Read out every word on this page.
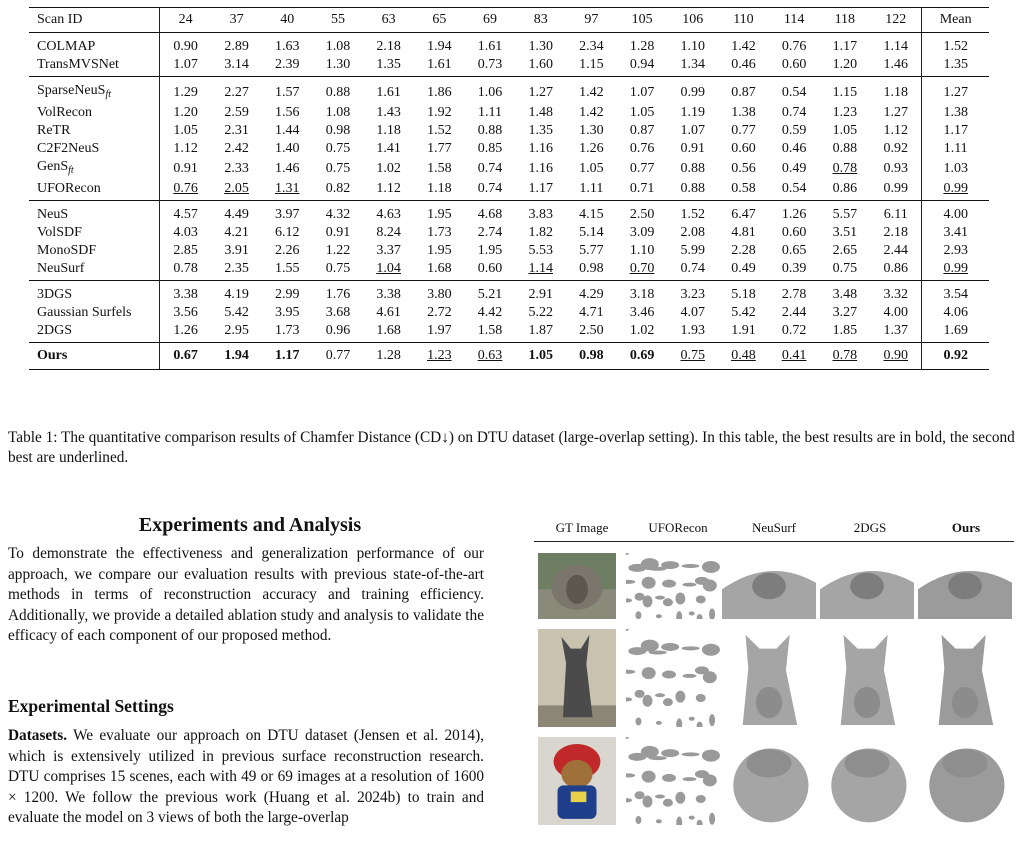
Scan ID	24	37	40	55	63	65	69	83	97	105	106	110	114	118	122	Mean
COLMAP	0.90	2.89	1.63	1.08	2.18	1.94	1.61	1.30	2.34	1.28	1.10	1.42	0.76	1.17	1.14	1.52
TransMVSNet	1.07	3.14	2.39	1.30	1.35	1.61	0.73	1.60	1.15	0.94	1.34	0.46	0.60	1.20	1.46	1.35
SparseNeuS$_{ft}$	1.29	2.27	1.57	0.88	1.61	1.86	1.06	1.27	1.42	1.07	0.99	0.87	0.54	1.15	1.18	1.27
VolRecon	1.20	2.59	1.56	1.08	1.43	1.92	1.11	1.48	1.42	1.05	1.19	1.38	0.74	1.23	1.27	1.38
ReTR	1.05	2.31	1.44	0.98	1.18	1.52	0.88	1.35	1.30	0.87	1.07	0.77	0.59	1.05	1.12	1.17
C2F2NeuS	1.12	2.42	1.40	0.75	1.41	1.77	0.85	1.16	1.26	0.76	0.91	0.60	0.46	0.88	0.92	1.11
GenS$_{ft}$	0.91	2.33	1.46	0.75	1.02	1.58	0.74	1.16	1.05	0.77	0.88	0.56	0.49	0.78	0.93	1.03
UFORecon	0.76	2.05	1.31	0.82	1.12	1.18	0.74	1.17	1.11	0.71	0.88	0.58	0.54	0.86	0.99	0.99
NeuS	4.57	4.49	3.97	4.32	4.63	1.95	4.68	3.83	4.15	2.50	1.52	6.47	1.26	5.57	6.11	4.00
VolSDF	4.03	4.21	6.12	0.91	8.24	1.73	2.74	1.82	5.14	3.09	2.08	4.81	0.60	3.51	2.18	3.41
MonoSDF	2.85	3.91	2.26	1.22	3.37	1.95	1.95	5.53	5.77	1.10	5.99	2.28	0.65	2.65	2.44	2.93
NeuSurf	0.78	2.35	1.55	0.75	1.04	1.68	0.60	1.14	0.98	0.70	0.74	0.49	0.39	0.75	0.86	0.99
3DGS	3.38	4.19	2.99	1.76	3.38	3.80	5.21	2.91	4.29	3.18	3.23	5.18	2.78	3.48	3.32	3.54
Gaussian Surfels	3.56	5.42	3.95	3.68	4.61	2.72	4.42	5.22	4.71	3.46	4.07	5.42	2.44	3.27	4.00	4.06
2DGS	1.26	2.95	1.73	0.96	1.68	1.97	1.58	1.87	2.50	1.02	1.93	1.91	0.72	1.85	1.37	1.69
Ours	0.67	1.94	1.17	0.77	1.28	1.23	0.63	1.05	0.98	0.69	0.75	0.48	0.41	0.78	0.90	0.92
Table 1: The quantitative comparison results of Chamfer Distance (CD↓) on DTU dataset (large-overlap setting). In this table, the best results are in bold, the second best are underlined.
Experiments and Analysis
To demonstrate the effectiveness and generalization performance of our approach, we compare our evaluation results with previous state-of-the-art methods in terms of reconstruction accuracy and training efficiency. Additionally, we provide a detailed ablation study and analysis to validate the efficacy of each component of our proposed method.
Experimental Settings
Datasets. We evaluate our approach on DTU dataset (Jensen et al. 2014), which is extensively utilized in previous surface reconstruction research. DTU comprises 15 scenes, each with 49 or 69 images at a resolution of 1600 × 1200. We follow the previous work (Huang et al. 2024b) to train and evaluate the model on 3 views of both the large-overlap
GT Image	UFORecon	NeuSurf	2DGS	Ours
